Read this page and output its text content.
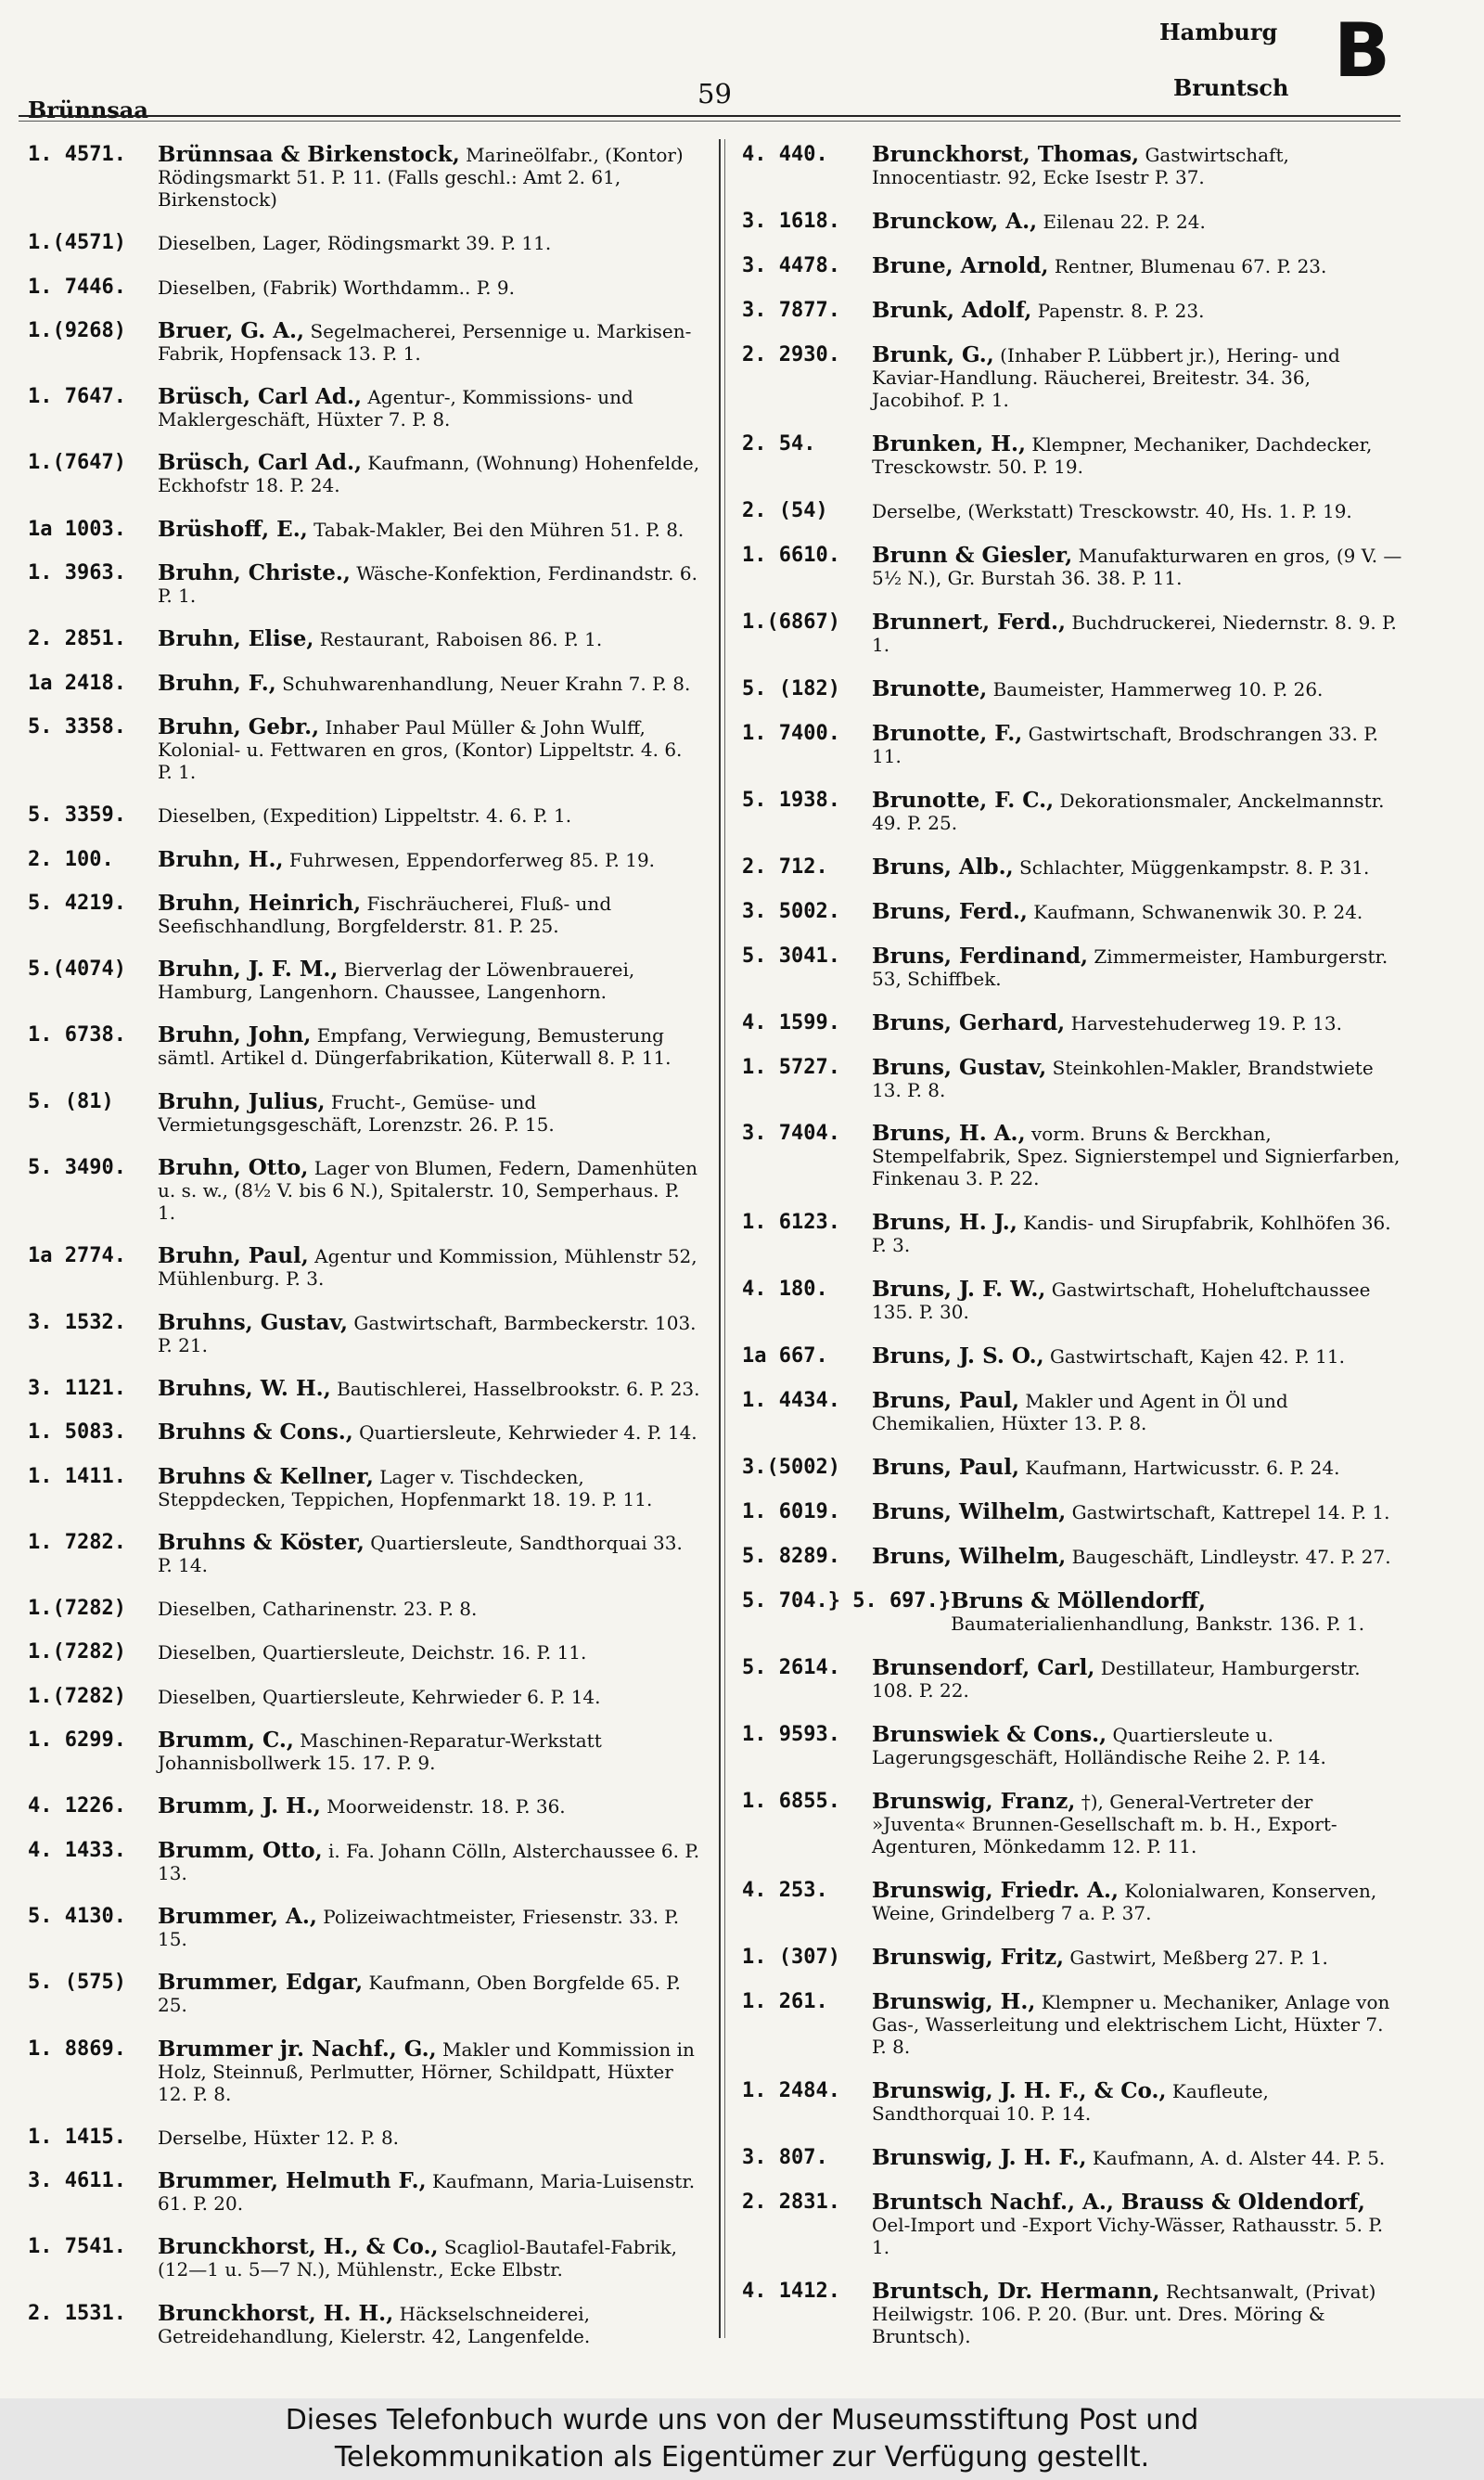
Brünnsaa
59
Hamburg
Bruntsch B
1. 4571.	Brünnsaa & Birkenstock, Marineölfabr., (Kontor) Rödingsmarkt 51. P. 11. (Falls geschl.: Amt 2. 61, Birkenstock)
1.(4571)	Dieselben, Lager, Rödingsmarkt 39. P. 11.
1. 7446.	Dieselben, (Fabrik) Worthdamm.. P. 9.
1.(9268)	Bruer, G. A., Segelmacherei, Persennige u. Markisen-Fabrik, Hopfensack 13. P. 1.
1. 7647.	Brüsch, Carl Ad., Agentur-, Kommissions- und Maklergeschäft, Hüxter 7. P. 8.
1.(7647)	Brüsch, Carl Ad., Kaufmann, (Wohnung) Hohenfelde, Eckhofstr 18. P. 24.
1a 1003.	Brüshoff, E., Tabak-Makler, Bei den Mühren 51. P. 8.
1. 3963.	Bruhn, Christe., Wäsche-Konfektion, Ferdinandstr. 6. P. 1.
2. 2851.	Bruhn, Elise, Restaurant, Raboisen 86. P. 1.
1a 2418.	Bruhn, F., Schuhwarenhandlung, Neuer Krahn 7. P. 8.
5. 3358.	Bruhn, Gebr., Inhaber Paul Müller & John Wulff, Kolonial- u. Fettwaren en gros, (Kontor) Lippeltstr. 4. 6. P. 1.
5. 3359.	Dieselben, (Expedition) Lippeltstr. 4. 6. P. 1.
2. 100.	Bruhn, H., Fuhrwesen, Eppendorferweg 85. P. 19.
5. 4219.	Bruhn, Heinrich, Fischräucherei, Fluß- und Seefischhandlung, Borgfelderstr. 81. P. 25.
5.(4074)	Bruhn, J. F. M., Bierverlag der Löwenbrauerei, Hamburg, Langenhorn. Chaussee, Langenhorn.
1. 6738.	Bruhn, John, Empfang, Verwiegung, Bemusterung sämtl. Artikel d. Düngerfabrikation, Küterwall 8. P. 11.
5. (81)	Bruhn, Julius, Frucht-, Gemüse- und Vermietungsgeschäft, Lorenzstr. 26. P. 15.
5. 3490.	Bruhn, Otto, Lager von Blumen, Federn, Damenhüten u. s. w., (8½ V. bis 6 N.), Spitalerstr. 10, Semperhaus. P. 1.
1a 2774.	Bruhn, Paul, Agentur und Kommission, Mühlenstr 52, Mühlenburg. P. 3.
3. 1532.	Bruhns, Gustav, Gastwirtschaft, Barmbeckerstr. 103. P. 21.
3. 1121.	Bruhns, W. H., Bautischlerei, Hasselbrookstr. 6. P. 23.
1. 5083.	Bruhns & Cons., Quartiersleute, Kehrwieder 4. P. 14.
1. 1411.	Bruhns & Kellner, Lager v. Tischdecken, Steppdecken, Teppichen, Hopfenmarkt 18. 19. P. 11.
1. 7282.	Bruhns & Köster, Quartiersleute, Sandthorquai 33. P. 14.
1.(7282)	Dieselben, Catharinenstr. 23. P. 8.
1.(7282)	Dieselben, Quartiersleute, Deichstr. 16. P. 11.
1.(7282)	Dieselben, Quartiersleute, Kehrwieder 6. P. 14.
1. 6299.	Brumm, C., Maschinen-Reparatur-Werkstatt Johannisbollwerk 15. 17. P. 9.
4. 1226.	Brumm, J. H., Moorweidenstr. 18. P. 36.
4. 1433.	Brumm, Otto, i. Fa. Johann Cölln, Alsterchaussee 6. P. 13.
5. 4130.	Brummer, A., Polizeiwachtmeister, Friesenstr. 33. P. 15.
5. (575)	Brummer, Edgar, Kaufmann, Oben Borgfelde 65. P. 25.
1. 8869.	Brummer jr. Nachf., G., Makler und Kommission in Holz, Steinnuß, Perlmutter, Hörner, Schildpatt, Hüxter 12. P. 8.
1. 1415.	Derselbe, Hüxter 12. P. 8.
3. 4611.	Brummer, Helmuth F., Kaufmann, Maria-Luisenstr. 61. P. 20.
1. 7541.	Brunckhorst, H., & Co., Scagliol-Bautafel-Fabrik, (12—1 u. 5—7 N.), Mühlenstr., Ecke Elbstr.
2. 1531.	Brunckhorst, H. H., Häckselschneiderei, Getreidehandlung, Kielerstr. 42, Langenfelde.
4. 440.	Brunckhorst, Thomas, Gastwirtschaft, Innocentiastr. 92, Ecke Isestr P. 37.
3. 1618.	Brunckow, A., Eilenau 22. P. 24.
3. 4478.	Brune, Arnold, Rentner, Blumenau 67. P. 23.
3. 7877.	Brunk, Adolf, Papenstr. 8. P. 23.
2. 2930.	Brunk, G., (Inhaber P. Lübbert jr.), Hering- und Kaviar-Handlung. Räucherei, Breitestr. 34. 36, Jacobihof. P. 1.
2. 54.	Brunken, H., Klempner, Mechaniker, Dachdecker, Tresckowstr. 50. P. 19.
2. (54)	Derselbe, (Werkstatt) Tresckowstr. 40, Hs. 1. P. 19.
1. 6610.	Brunn & Giesler, Manufakturwaren en gros, (9 V. — 5½ N.), Gr. Burstah 36. 38. P. 11.
1.(6867)	Brunnert, Ferd., Buchdruckerei, Niedernstr. 8. 9. P. 1.
5. (182)	Brunotte, Baumeister, Hammerweg 10. P. 26.
1. 7400.	Brunotte, F., Gastwirtschaft, Brodschrangen 33. P. 11.
5. 1938.	Brunotte, F. C., Dekorationsmaler, Anckelmannstr. 49. P. 25.
2. 712.	Bruns, Alb., Schlachter, Müggenkampstr. 8. P. 31.
3. 5002.	Bruns, Ferd., Kaufmann, Schwanenwik 30. P. 24.
5. 3041.	Bruns, Ferdinand, Zimmermeister, Hamburgerstr. 53, Schiffbek.
4. 1599.	Bruns, Gerhard, Harvestehuderweg 19. P. 13.
1. 5727.	Bruns, Gustav, Steinkohlen-Makler, Brandstwiete 13. P. 8.
3. 7404.	Bruns, H. A., vorm. Bruns & Berckhan, Stempelfabrik, Spez. Signierstempel und Signierfarben, Finkenau 3. P. 22.
1. 6123.	Bruns, H. J., Kandis- und Sirupfabrik, Kohlhöfen 36. P. 3.
4. 180.	Bruns, J. F. W., Gastwirtschaft, Hoheluftchaussee 135. P. 30.
1a 667.	Bruns, J. S. O., Gastwirtschaft, Kajen 42. P. 11.
1. 4434.	Bruns, Paul, Makler und Agent in Öl und Chemikalien, Hüxter 13. P. 8.
3.(5002)	Bruns, Paul, Kaufmann, Hartwicusstr. 6. P. 24.
1. 6019.	Bruns, Wilhelm, Gastwirtschaft, Kattrepel 14. P. 1.
5. 8289.	Bruns, Wilhelm, Baugeschäft, Lindleystr. 47. P. 27.
5. 704.} 5. 697.} Bruns & Möllendorff, Baumaterialienhandlung, Bankstr. 136. P. 1.
5. 2614.	Brunsendorf, Carl, Destillateur, Hamburgerstr. 108. P. 22.
1. 9593.	Brunswiek & Cons., Quartiersleute u. Lagerungsgeschäft, Holländische Reihe 2. P. 14.
1. 6855.	Brunswig, Franz, †), General-Vertreter der »Juventa« Brunnen-Gesellschaft m. b. H., Export-Agenturen, Mönkedamm 12. P. 11.
4. 253.	Brunswig, Friedr. A., Kolonialwaren, Konserven, Weine, Grindelberg 7 a. P. 37.
1. (307)	Brunswig, Fritz, Gastwirt, Meßberg 27. P. 1.
1. 261.	Brunswig, H., Klempner u. Mechaniker, Anlage von Gas-, Wasserleitung und elektrischem Licht, Hüxter 7. P. 8.
1. 2484.	Brunswig, J. H. F., & Co., Kaufleute, Sandthorquai 10. P. 14.
3. 807.	Brunswig, J. H. F., Kaufmann, A. d. Alster 44. P. 5.
2. 2831.	Bruntsch Nachf., A., Brauss & Oldendorf, Oel-Import und -Export Vichy-Wässer, Rathausstr. 5. P. 1.
4. 1412.	Bruntsch, Dr. Hermann, Rechtsanwalt, (Privat) Heilwigstr. 106. P. 20. (Bur. unt. Dres. Möring & Bruntsch).
Dieses Telefonbuch wurde uns von der Museumsstiftung Post und
Telekommunikation als Eigentümer zur Verfügung gestellt.
